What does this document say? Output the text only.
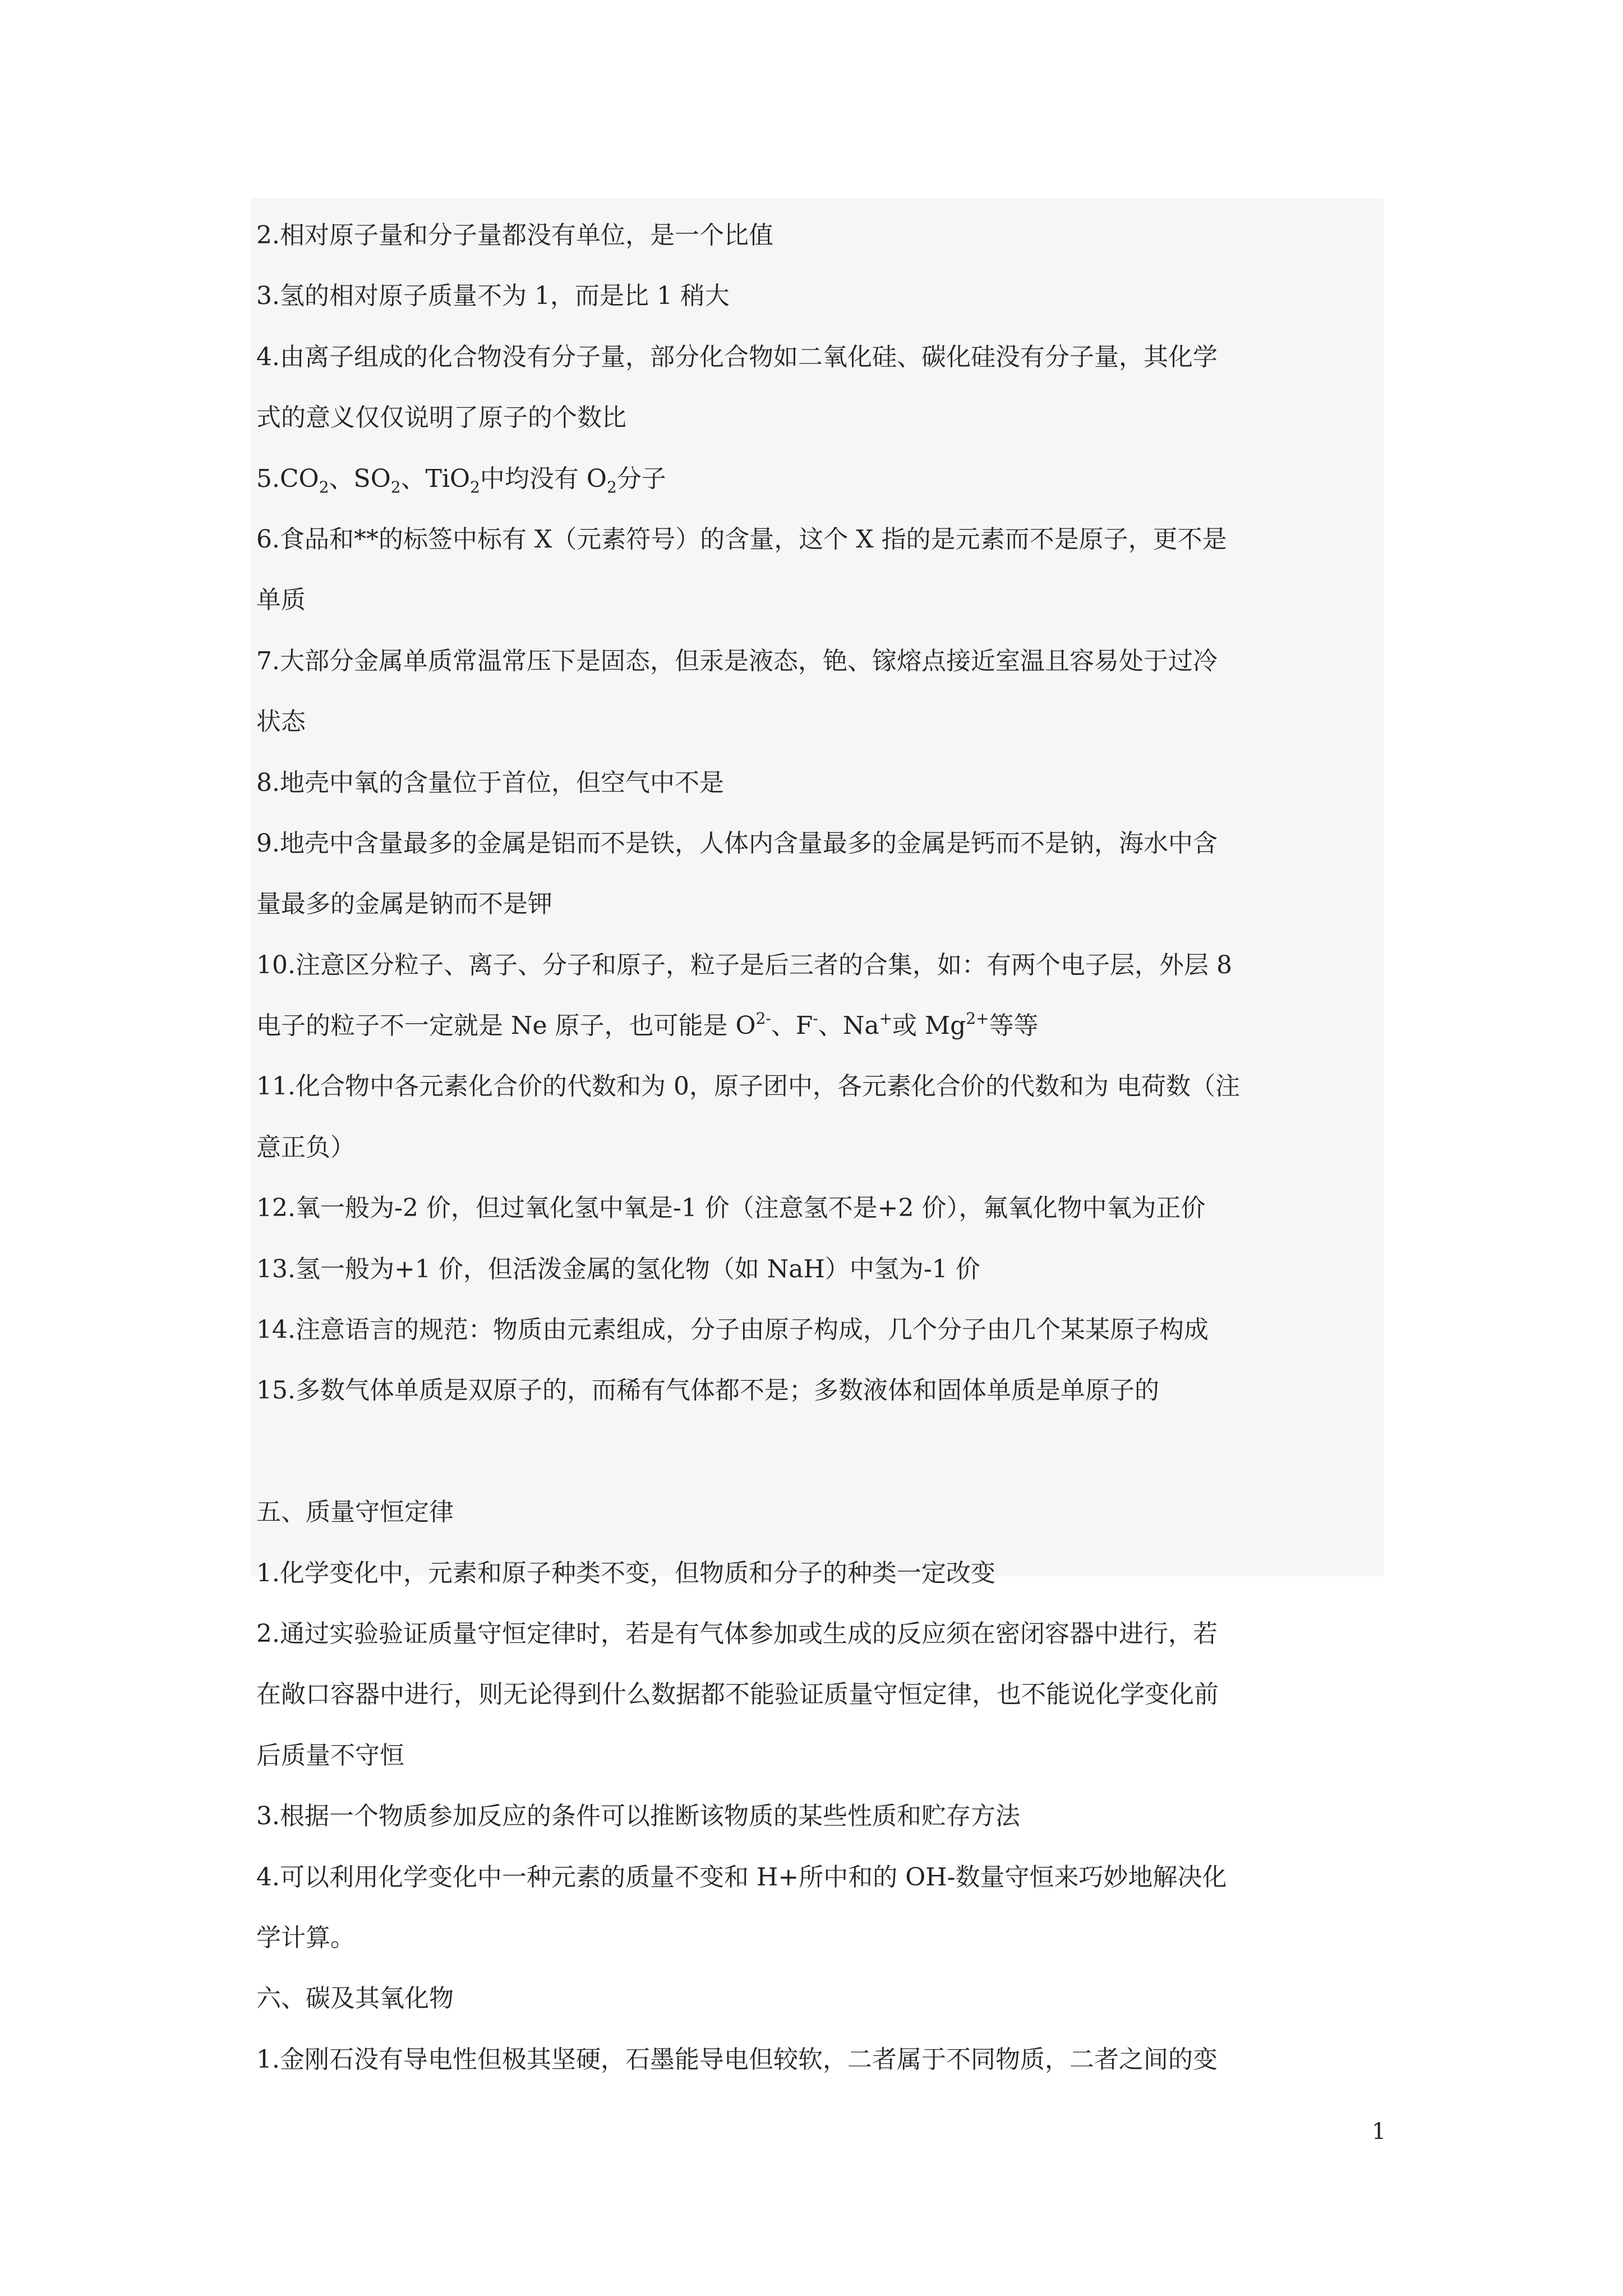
2.相对原子量和分子量都没有单位，是一个比值
3.氢的相对原子质量不为 1，而是比 1 稍大
4.由离子组成的化合物没有分子量，部分化合物如二氧化硅、碳化硅没有分子量，其化学
式的意义仅仅说明了原子的个数比
$5.CO_2$、$SO_2$、TiO$_2$中均没有 $O_2$分子
6.食品和**的标签中标有 X（元素符号）的含量，这个 X 指的是元素而不是原子，更不是
单质
7.大部分金属单质常温常压下是固态，但汞是液态，铯、镓熔点接近室温且容易处于过冷
状态
8.地壳中氧的含量位于首位，但空气中不是
9.地壳中含量最多的金属是铝而不是铁，人体内含量最多的金属是钙而不是钠，海水中含
量最多的金属是钠而不是钾
10.注意区分粒子、离子、分子和原子，粒子是后三者的合集，如：有两个电子层，外层 8
电子的粒子不一定就是 Ne 原子，也可能是 $O^{2-}$、F-、Na+或 $Mg^{2+}$等等
11.化合物中各元素化合价的代数和为 0，原子团中，各元素化合价的代数和为 电荷数（注
意正负）
12.氧一般为-2 价，但过氧化氢中氧是-1 价（注意氢不是+2 价），氟氧化物中氧为正价
13.氢一般为+1 价，但活泼金属的氢化物（如 NaH）中氢为-1 价
14.注意语言的规范：物质由元素组成，分子由原子构成，几个分子由几个某某原子构成
15.多数气体单质是双原子的，而稀有气体都不是；多数液体和固体单质是单原子的
五、质量守恒定律
1.化学变化中，元素和原子种类不变，但物质和分子的种类一定改变
2.通过实验验证质量守恒定律时，若是有气体参加或生成的反应须在密闭容器中进行，若
在敞口容器中进行，则无论得到什么数据都不能验证质量守恒定律，也不能说化学变化前
后质量不守恒
3.根据一个物质参加反应的条件可以推断该物质的某些性质和贮存方法
4.可以利用化学变化中一种元素的质量不变和 H+所中和的 OH-数量守恒来巧妙地解决化
学计算。
六、碳及其氧化物
1.金刚石没有导电性但极其坚硬，石墨能导电但较软，二者属于不同物质，二者之间的变
1
